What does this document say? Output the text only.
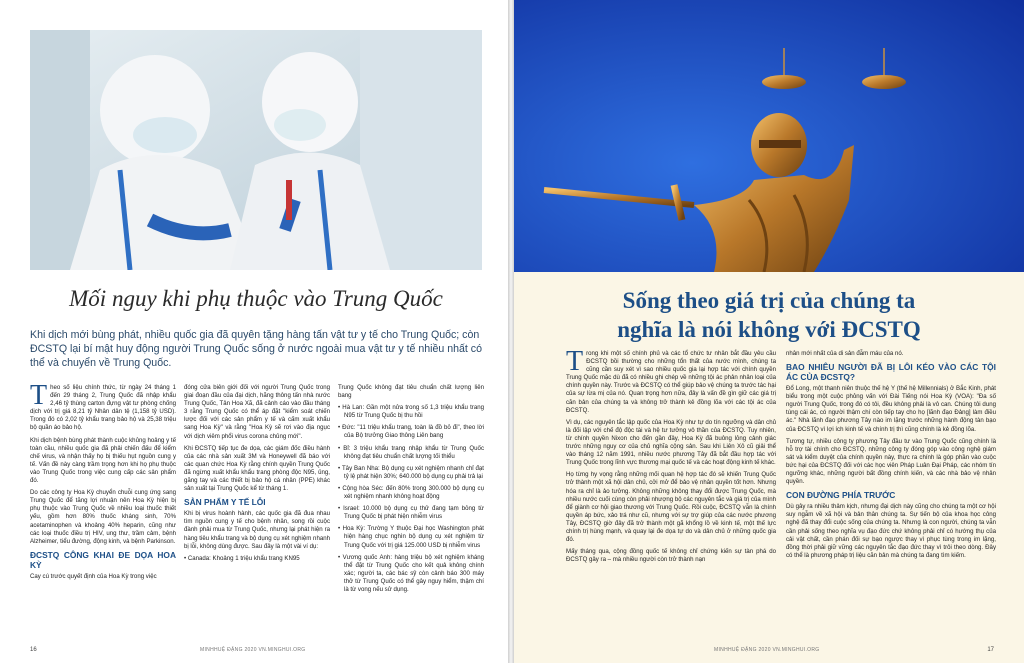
Mối nguy khi phụ thuộc vào Trung Quốc
Khi dịch mới bùng phát, nhiều quốc gia đã quyên tặng hàng tấn vật tư y tế cho Trung Quốc; còn ĐCSTQ lại bí mật huy động người Trung Quốc sống ở nước ngoài mua vật tư y tế nhiều nhất có thể và chuyển về Trung Quốc.

Theo số liệu chính thức, từ ngày 24 tháng 1 đến 29 tháng 2, Trung Quốc đã nhập khẩu 2,46 tỷ thùng carton đựng vật tư phòng chống dịch với trị giá 8,21 tỷ Nhân dân tệ (1,158 tỷ USD). Trong đó có 2,02 tỷ khẩu trang bảo hộ và 25,38 triệu bộ quần áo bảo hộ.

Khi dịch bệnh bùng phát thành cuộc khủng hoảng y tế toàn cầu, nhiều quốc gia đã phải chiến đấu để kiểm chế virus, và nhận thấy họ bị thiếu hụt nguồn cung y tế. Vấn đề này càng trầm trọng hơn khi họ phụ thuộc vào Trung Quốc trong việc cung cấp các sản phẩm đó.

Do các công ty Hoa Kỳ chuyển chuỗi cung ứng sang Trung Quốc để tăng lợi nhuận nên Hoa Kỳ hiện bị phụ thuộc vào Trung Quốc về nhiều loại thuốc thiết yếu, gồm hơn 80% thuốc kháng sinh, 70% acetaminophen và khoảng 40% heparin, cũng như các loại thuốc điều trị HIV, ung thư, trầm cảm, bệnh Alzheimer, tiểu đường, động kinh, và bệnh Parkinson.

ĐCSTQ CÔNG KHAI ĐE DỌA HOA KỲ

Cay cú trước quyết định của Hoa Kỳ trong việc

đóng cửa biên giới đối với người Trung Quốc trong giai đoạn đầu của đại dịch, hãng thông tấn nhà nước Trung Quốc, Tân Hoa Xã, đã cảnh cáo vào đầu tháng 3 rằng Trung Quốc có thể áp đặt "kiểm soát chiến lược đối với các sản phẩm y tế và cấm xuất khẩu sang Hoa Kỳ" và rằng "Hoa Kỳ sẽ rơi vào địa ngục với dịch viêm phổi virus corona chủng mới".

Khi ĐCSTQ tiếp tục đe dọa, các giám đốc điều hành của các nhà sản xuất 3M và Honeywell đã báo với các quan chức Hoa Kỳ rằng chính quyền Trung Quốc đã ngừng xuất khẩu khẩu trang phòng độc N95, ủng, găng tay và các thiết bị bảo hộ cá nhân (PPE) khác sản xuất tại Trung Quốc kể từ tháng 1.

SẢN PHẨM Y TẾ LỖI

Khi bị virus hoành hành, các quốc gia đã đua nhau tìm nguồn cung y tế cho bệnh nhân, song rồi cuộc đành phải mua từ Trung Quốc, nhưng lại phát hiện ra hàng tiêu khẩu trang và bộ dụng cụ xét nghiệm nhanh bị lỗi, không dùng được. Sau đây là một vài ví dụ:

• Canada: Khoảng 1 triệu khẩu trang KN95

Trung Quốc không đạt tiêu chuẩn chất lượng liên bang

• Hà Lan: Gần một nửa trong số 1,3 triệu khẩu trang N95 từ Trung Quốc bị thu hồi

• Đức: "11 triệu khẩu trang, toàn là đồ bỏ đi", theo lời của Bộ trưởng Giao thông Liên bang

• Bỉ: 3 triệu khẩu trang nhập khẩu từ Trung Quốc không đạt tiêu chuẩn chất lượng tối thiểu

• Tây Ban Nha: Bộ dụng cụ xét nghiệm nhanh chỉ đạt tỷ lệ phát hiện 30%; 640.000 bộ dụng cụ phải trả lại

• Cộng hòa Séc: đến 80% trong 300.000 bộ dụng cụ xét nghiệm nhanh không hoạt động

• Israel: 10.000 bộ dụng cụ thử đang tạm bỏng từ Trung Quốc bị phát hiện nhiễm virus

• Hoa Kỳ: Trường Y thuộc Đại học Washington phát hiện hàng chục nghìn bộ dụng cụ xét nghiệm từ Trung Quốc với trị giá 125.000 USD bị nhiễm virus

• Vương quốc Anh: hàng triệu bộ xét nghiệm kháng thể đặt từ Trung Quốc cho kết quả không chính xác; người ta, các bác sỹ còn cảnh báo 300 máy thở từ Trung Quốc có thể gây nguy hiểm, thậm chí là từ vong nếu sử dụng.

16	MINHHUỆ ĐẶNG 2020 VN.MINGHUI.ORG
Sống theo giá trị của chúng ta
nghĩa là nói không với ĐCSTQ

Trong khi một số chính phủ và các tổ chức tư nhân bắt đầu yêu cầu ĐCSTQ bồi thường cho những tổn thất của nước mình, chúng ta cũng cần suy xét vì sao nhiều quốc gia lại hợp tác với chính quyền Trung Quốc mặc dù đã có nhiều ghi chép về những tội ác phản nhân loại của chính quyền này. Trước và ĐCSTQ có thể giúp bảo vệ chúng ta trước tác hại của sự lừa mị của nó. Quan trọng hơn nữa, đây là vấn đề gìn giữ các giá trị căn bản của chúng ta và không trở thành kẻ đồng lõa với các tội ác của ĐCSTQ.

Vì dụ, các nguyên tắc lập quốc của Hoa Kỳ như tự do tín ngưỡng và dân chủ là đối lập với chế độ độc tài và hệ tư tưởng vô thần của ĐCSTQ. Tuy nhiên, từ chính quyền Nixon cho đến gần đây, Hoa Kỳ đã buông lỏng cảnh giác trước những nguy cơ của chủ nghĩa cộng sản. Sau khi Liên Xô cũ giải thể vào tháng 12 năm 1991, nhiều nước phương Tây đã bắt đầu hợp tác với Trung Quốc trong lĩnh vực thương mại quốc tế và các hoạt động kinh tế khác.

Họ từng hy vọng rằng những mối quan hệ hợp tác đó sẽ khiến Trung Quốc trở thành một xã hội dân chủ, cởi mở để bảo vệ nhân quyền tốt hơn. Nhưng hóa ra chỉ là ảo tưởng. Không những không thay đổi được Trung Quốc, mà nhiều nước cuối cùng còn phải nhượng bộ các nguyên tắc và giá trị của mình để giành cơ hội giao thương với Trung Quốc. Rồi cuộc, ĐCSTQ vẫn là chính quyền áp bức, xảo trá như cũ, nhưng với sự trợ giúp của các nước phương Tây, ĐCSTQ giờ đây đã trở thành một gã khổng lồ về kinh tế, một thế lực chính trị hùng mạnh, và quay lại đe dọa tự do và dân chủ ở những quốc gia đó.

Mấy tháng qua, cộng đồng quốc tế không chỉ chứng kiến sự tàn phá do ĐCSTQ gây ra – mà nhiều người còn trở thành nạn

nhân mới nhất của di sản đẫm máu của nó.

BAO NHIÊU NGƯỜI ĐÃ BỊ LÔI KÉO VÀO CÁC TỘI ÁC CỦA ĐCSTQ?

Đổ Long, một thanh niên thuộc thế hệ Y (thế hệ Millennials) ở Bắc Kinh, phát biểu trong một cuộc phỏng vấn với Đài Tiếng nói Hoa Kỳ (VOA): "Đa số người Trung Quốc, trong đó có tôi, đều không phải là vô can. Chúng tôi dung túng cái ác, có người thậm chí còn tiếp tay cho họ [lãnh đạo Đảng] làm điều ác." Nhà lãnh đạo phương Tây nào im lặng trước những hành động tàn bạo của ĐCSTQ vì lợi ích kinh tế và chính trị thì cũng chính là kẻ đồng lõa.

Tương tự, nhiều công ty phương Tây đầu tư vào Trung Quốc cũng chính là hỗ trợ tài chính cho ĐCSTQ, những công ty đóng góp vào công nghệ giám sát và kiểm duyệt của chính quyền này, thực ra chính là góp phần vào cuộc bức hại của ĐCSTQ đối với các học viên Pháp Luân Đại Pháp, các nhóm tín ngưỡng khác, những người bất đồng chính kiến, và các nhà bảo vệ nhân quyền.

CON ĐƯỜNG PHÍA TRƯỚC

Dù gây ra nhiều thảm kịch, nhưng đại dịch này cũng cho chúng ta một cơ hội suy ngẫm về xã hội và bản thân chúng ta. Sự tiến bộ của khoa học công nghệ đã thay đổi cuộc sống của chúng ta. Nhưng là con người, chúng ta vẫn cần phải sống theo nghĩa vụ đạo đức chứ không phải chỉ có hướng thụ của cải vật chất, cần phán đối sự bạo ngược thay vì phục tùng trong im lặng, đồng thời phải giữ vững các nguyên tắc đạo đức thay vì trôi theo dòng. Đây có thể là phương pháp trị liệu căn bản mà chúng ta đang tìm kiếm.

MINHHUỆ ĐẶNG 2020 VN.MINGHUI.ORG	17
